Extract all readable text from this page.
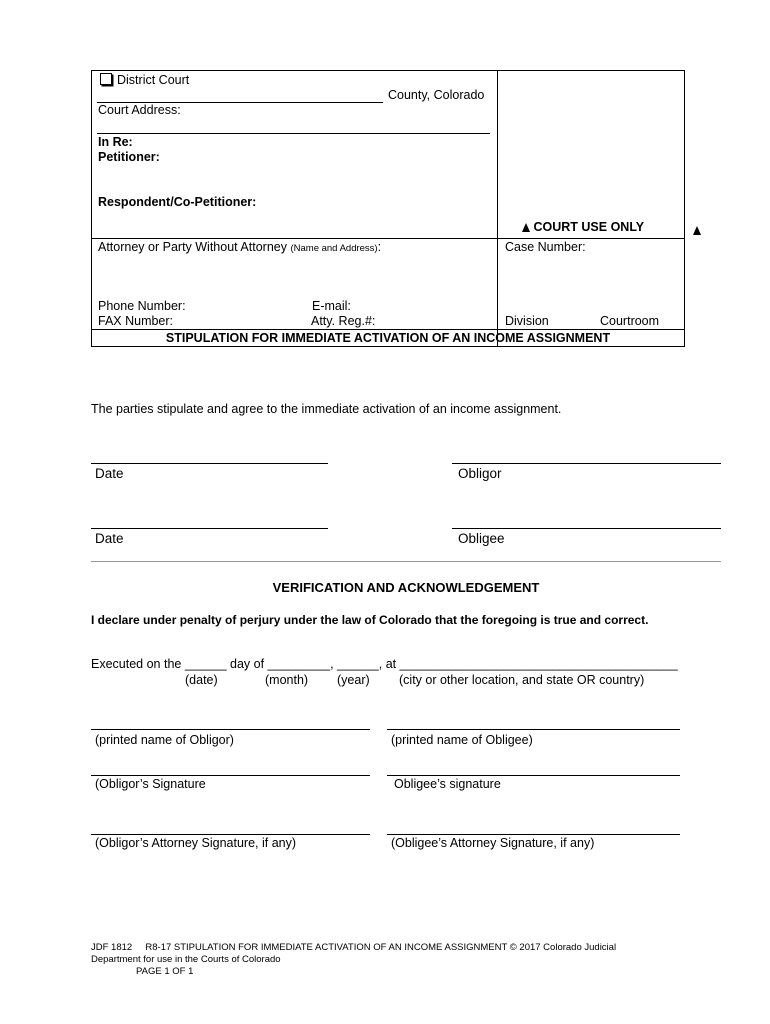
District Court
County, Colorado
Court Address:
In Re:
Petitioner:
Respondent/Co-Petitioner:
COURT USE ONLY
Attorney or Party Without Attorney (Name and Address):	Case Number:
Phone Number:	E-mail:
FAX Number:	Atty. Reg.#:	Division	Courtroom
STIPULATION FOR IMMEDIATE ACTIVATION OF AN INCOME ASSIGNMENT
The parties stipulate and agree to the immediate activation of an income assignment.
Date	Obligor
Date	Obligee
VERIFICATION AND ACKNOWLEDGEMENT
I declare under penalty of perjury under the law of Colorado that the foregoing is true and correct.
Executed on the ______ day of _________, ______, at ________________________________________
(date)	(month) (year) (city or other location, and state OR country)
(printed name of Obligor)	(printed name of Obligee)
(Obligor’s Signature	Obligee’s signature
(Obligor’s Attorney Signature, if any)	(Obligee’s Attorney Signature, if any)
JDF 1812     R8-17 STIPULATION FOR IMMEDIATE ACTIVATION OF AN INCOME ASSIGNMENT © 2017 Colorado Judicial
Department for use in the Courts of Colorado
PAGE 1 OF 1
